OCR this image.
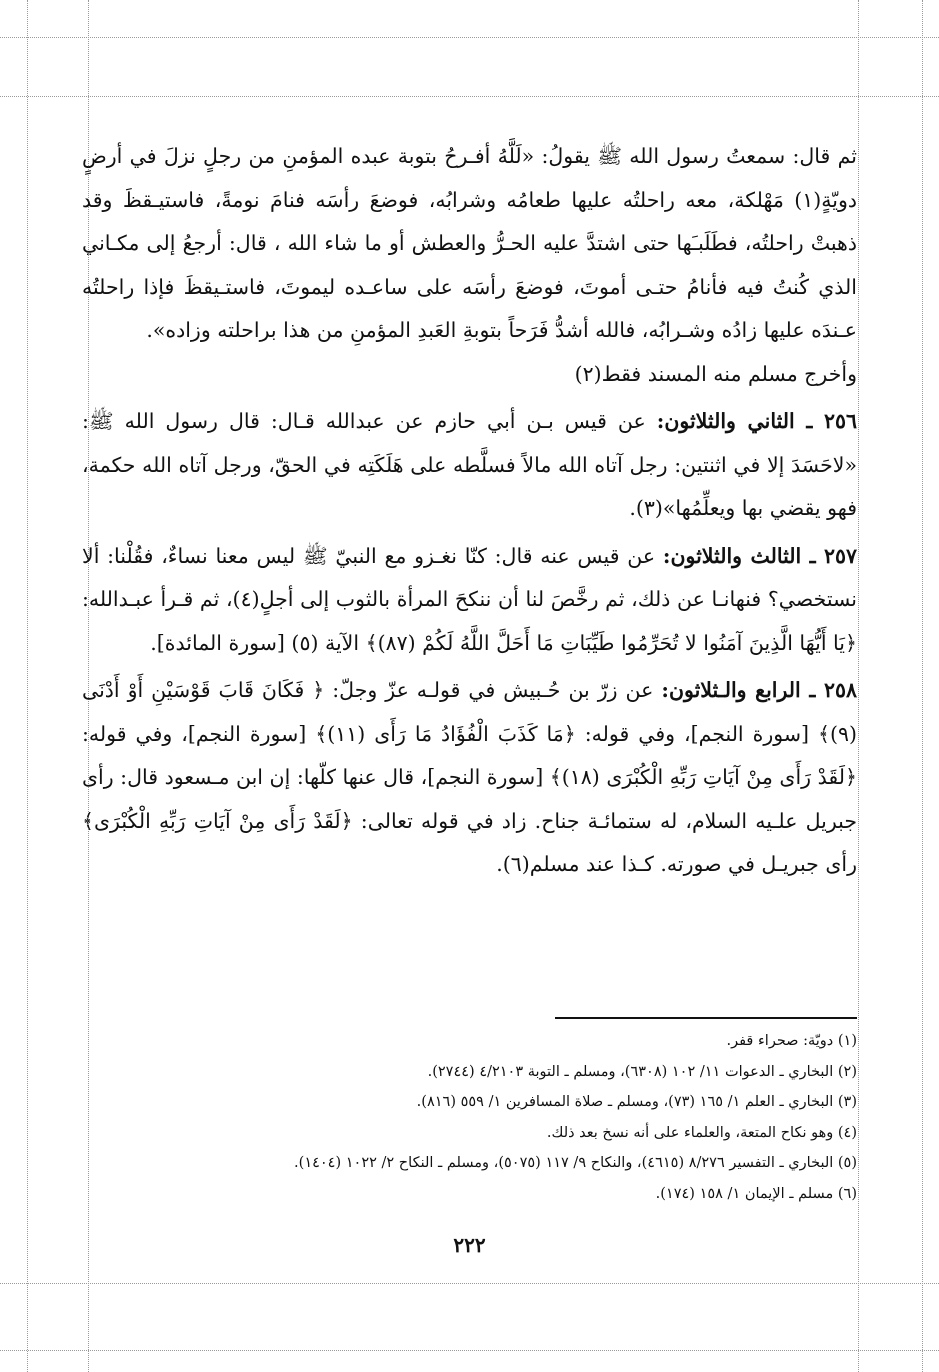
ثم قال: سمعتُ رسول الله ﷺ يقولُ: «لَلَّهُ أفـرحُ بتوبة عبده المؤمنِ من رجلٍ نزلَ في أرضٍ دويّةٍ(١) مَهْلكة، معه راحلتُه عليها طعامُه وشرابُه، فوضعَ رأسَه فنامَ نومةً، فاستيـقظَ وقد ذهبتْ راحلتُه، فطَلَبـَها حتى اشتدَّ عليه الحـرُّ والعطش أو ما شاء الله ، قال: أرجعُ إلى مكـاني الذي كُنتُ فيه فأنامُ حتـى أموتَ، فوضعَ رأسَه على ساعـده ليموتَ، فاستـيقظَ فإذا راحلتُه عـندَه عليها زادُه وشـرابُه، فالله أشدُّ فَرَحاً بتوبةِ العَبدِ المؤمنِ من هذا براحلته وزاده».

وأخرج مسلم منه المسند فقط(٢)

٢٥٦ ـ الثاني والثلاثون: عن قيس بـن أبي حازم عن عبدالله قـال: قال رسول الله ﷺ: «لاحَسَدَ إلا في اثنتين: رجل آتاه الله مالاً فسلَّطه على هَلَكَتِه في الحقّ، ورجل آتاه الله حكمة، فهو يقضي بها ويعلِّمُها»(٣).

٢٥٧ ـ الثالث والثلاثون: عن قيس عنه قال: كنّا نغـزو مع النبيّ ﷺ ليس معنا نساءٌ، فقُلْنا: ألا نستخصي؟ فنهانـا عن ذلك، ثم رخَّصَ لنا أن ننكحَ المرأة بالثوب إلى أجلٍ(٤)، ثم قـرأ عبـدالله: ﴿يَا أَيُّهَا الَّذِينَ آمَنُوا لا تُحَرِّمُوا طَيِّبَاتِ مَا أَحَلَّ اللَّهُ لَكُمْ (٨٧)﴾ الآية (٥) [سورة المائدة].

٢٥٨ ـ الرابع والـثلاثون: عن زرّ بن حُـبيش في قولـه عزّ وجلّ: ﴿ فَكَانَ قَابَ قَوْسَيْنِ أَوْ أَدْنَى (٩)﴾ [سورة النجم]، وفي قوله: ﴿مَا كَذَبَ الْفُؤَادُ مَا رَأَى (١١)﴾ [سورة النجم]، وفي قوله: ﴿لَقَدْ رَأَى مِنْ آيَاتِ رَبِّهِ الْكُبْرَى (١٨)﴾ [سورة النجم]، قال عنها كلّها: إن ابن مـسعود قال: رأى جبريل علـيه السلام، له ستمائـة جناح. زاد في قوله تعالى: ﴿لَقَدْ رَأَى مِنْ آيَاتِ رَبِّهِ الْكُبْرَى﴾ رأى جبريـل في صورته. كـذا عند مسلم(٦).

(١) دويّة: صحراء قفر.
(٢) البخاري ـ الدعوات ١١/ ١٠٢ (٦٣٠٨)، ومسلم ـ التوبة ٤/٢١٠٣ (٢٧٤٤).
(٣) البخاري ـ العلم ١/ ١٦٥ (٧٣)، ومسلم ـ صلاة المسافرين ١/ ٥٥٩ (٨١٦).
(٤) وهو نكاح المتعة، والعلماء على أنه نسخ بعد ذلك.
(٥) البخاري ـ التفسير ٨/٢٧٦ (٤٦١٥)، والنكاح ٩/ ١١٧ (٥٠٧٥)، ومسلم ـ النكاح ٢/ ١٠٢٢ (١٤٠٤).
(٦) مسلم ـ الإيمان ١/ ١٥٨ (١٧٤).
٢٢٢
